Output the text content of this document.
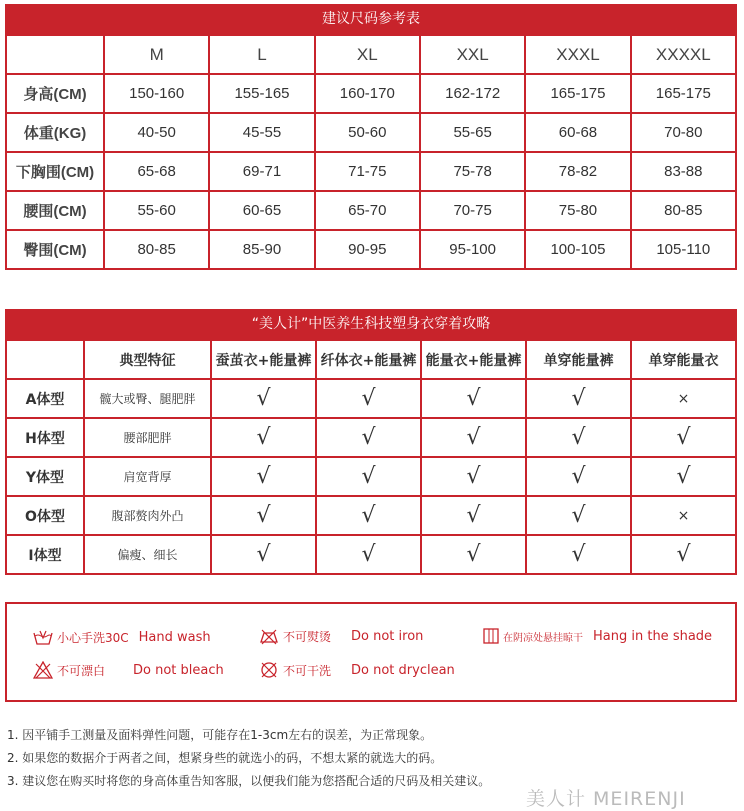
建议尺码参考表
	M	L	XL	XXL	XXXL	XXXXL
身高(CM)	150-160	155-165	160-170	162-172	165-175	165-175
体重(KG)	40-50	45-55	50-60	55-65	60-68	70-80
下胸围(CM)	65-68	69-71	71-75	75-78	78-82	83-88
腰围(CM)	55-60	60-65	65-70	70-75	75-80	80-85
臀围(CM)	80-85	85-90	90-95	95-100	100-105	105-110
“美人计”中医养生科技塑身衣穿着攻略
	典型特征	蚕茧衣+能量裤	纤体衣+能量裤	能量衣+能量裤	单穿能量裤	单穿能量衣
A体型	髋大或臀、腿肥胖	√	√	√	√	×
H体型	腰部肥胖	√	√	√	√	√
Y体型	肩宽背厚	√	√	√	√	√
O体型	腹部赘肉外凸	√	√	√	√	×
I体型	偏瘦、细长	√	√	√	√	√
小心手洗30C Hand wash	不可熨烫 Do not iron	在阴凉处悬挂晾干 Hang in the shade
不可漂白 Do not bleach	不可干洗 Do not dryclean
1. 因平铺手工测量及面料弹性问题，可能存在1-3cm左右的误差，为正常现象。
2. 如果您的数据介于两者之间，想紧身些的就选小的码，不想太紧的就选大的码。
3. 建议您在购买时将您的身高体重告知客服，以便我们能为您搭配合适的尺码及相关建议。
美人计 MEIRENJI
